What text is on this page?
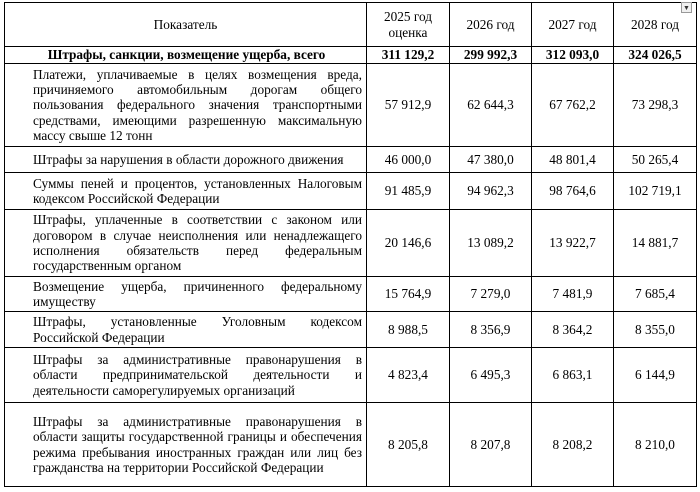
Показатель	2025 год оценка	2026 год	2027 год	2028 год
Штрафы, санкции, возмещение ущерба, всего	311 129,2	299 992,3	312 093,0	324 026,5
Платежи, уплачиваемые в целях возмещения вреда, причиняемого автомобильным дорогам общего пользования федерального значения транспортными средствами, имеющими разрешенную максимальную массу свыше 12 тонн	57 912,9	62 644,3	67 762,2	73 298,3
Штрафы за нарушения в области дорожного движения	46 000,0	47 380,0	48 801,4	50 265,4
Суммы пеней и процентов, установленных Налоговым кодексом Российской Федерации	91 485,9	94 962,3	98 764,6	102 719,1
Штрафы, уплаченные в соответствии с законом или договором в случае неисполнения или ненадлежащего исполнения обязательств перед федеральным государственным органом	20 146,6	13 089,2	13 922,7	14 881,7
Возмещение ущерба, причиненного федеральному имуществу	15 764,9	7 279,0	7 481,9	7 685,4
Штрафы, установленные Уголовным кодексом Российской Федерации	8 988,5	8 356,9	8 364,2	8 355,0
Штрафы за административные правонарушения в области предпринимательской деятельности и деятельности саморегулируемых организаций	4 823,4	6 495,3	6 863,1	6 144,9
Штрафы за административные правонарушения в области защиты государственной границы и обеспечения режима пребывания иностранных граждан или лиц без гражданства на территории Российской Федерации	8 205,8	8 207,8	8 208,2	8 210,0
▼
